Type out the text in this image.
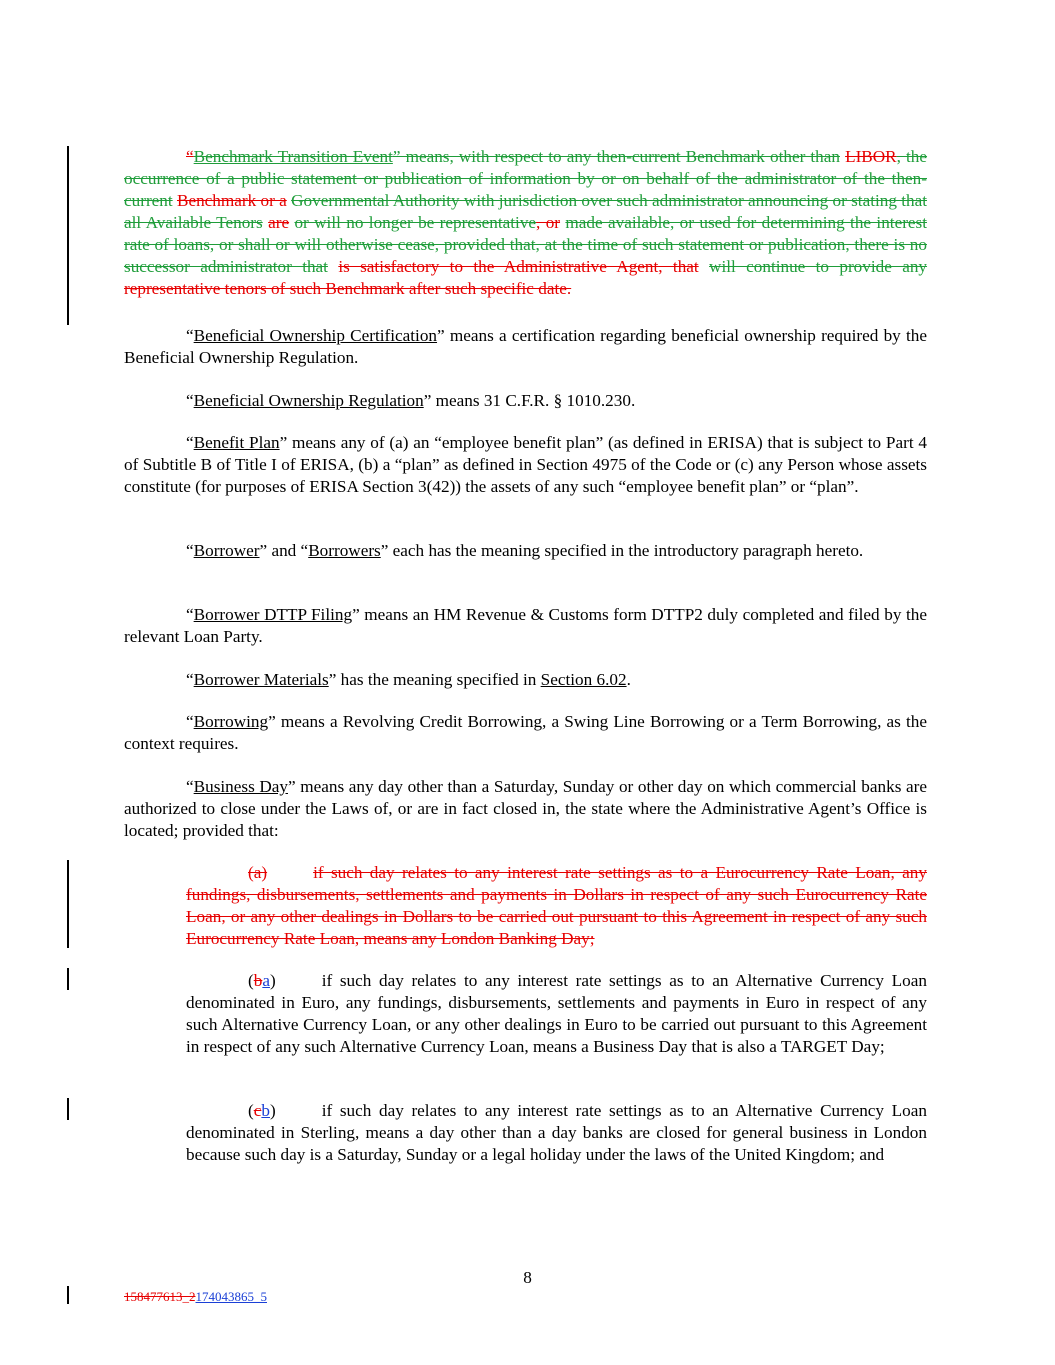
“Benchmark Transition Event” means, with respect to any then-current Benchmark other than LIBOR, the occurrence of a public statement or publication of information by or on behalf of the administrator of the then-current Benchmark or a Governmental Authority with jurisdiction over such administrator announcing or stating that all Available Tenors are or will no longer be representative, or made available, or used for determining the interest rate of loans, or shall or will otherwise cease, provided that, at the time of such statement or publication, there is no successor administrator that is satisfactory to the Administrative Agent, that will continue to provide any representative tenors of such Benchmark after such specific date.

“Beneficial Ownership Certification” means a certification regarding beneficial ownership required by the Beneficial Ownership Regulation.

“Beneficial Ownership Regulation” means 31 C.F.R. § 1010.230.

“Benefit Plan” means any of (a) an “employee benefit plan” (as defined in ERISA) that is subject to Part 4 of Subtitle B of Title I of ERISA, (b) a “plan” as defined in Section 4975 of the Code or (c) any Person whose assets constitute (for purposes of ERISA Section 3(42)) the assets of any such “employee benefit plan” or “plan”.

“Borrower” and “Borrowers” each has the meaning specified in the introductory paragraph hereto.

“Borrower DTTP Filing” means an HM Revenue & Customs form DTTP2 duly completed and filed by the relevant Loan Party.

“Borrower Materials” has the meaning specified in Section 6.02.

“Borrowing” means a Revolving Credit Borrowing, a Swing Line Borrowing or a Term Borrowing, as the context requires.

“Business Day” means any day other than a Saturday, Sunday or other day on which commercial banks are authorized to close under the Laws of, or are in fact closed in, the state where the Administrative Agent’s Office is located; provided that:

(a)	if such day relates to any interest rate settings as to a Eurocurrency Rate Loan, any fundings, disbursements, settlements and payments in Dollars in respect of any such Eurocurrency Rate Loan, or any other dealings in Dollars to be carried out pursuant to this Agreement in respect of any such Eurocurrency Rate Loan, means any London Banking Day;

(ba)	if such day relates to any interest rate settings as to an Alternative Currency Loan denominated in Euro, any fundings, disbursements, settlements and payments in Euro in respect of any such Alternative Currency Loan, or any other dealings in Euro to be carried out pursuant to this Agreement in respect of any such Alternative Currency Loan, means a Business Day that is also a TARGET Day;

(cb)	if such day relates to any interest rate settings as to an Alternative Currency Loan denominated in Sterling, means a day other than a day banks are closed for general business in London because such day is a Saturday, Sunday or a legal holiday under the laws of the United Kingdom; and

8
158477613_2174043865_5
